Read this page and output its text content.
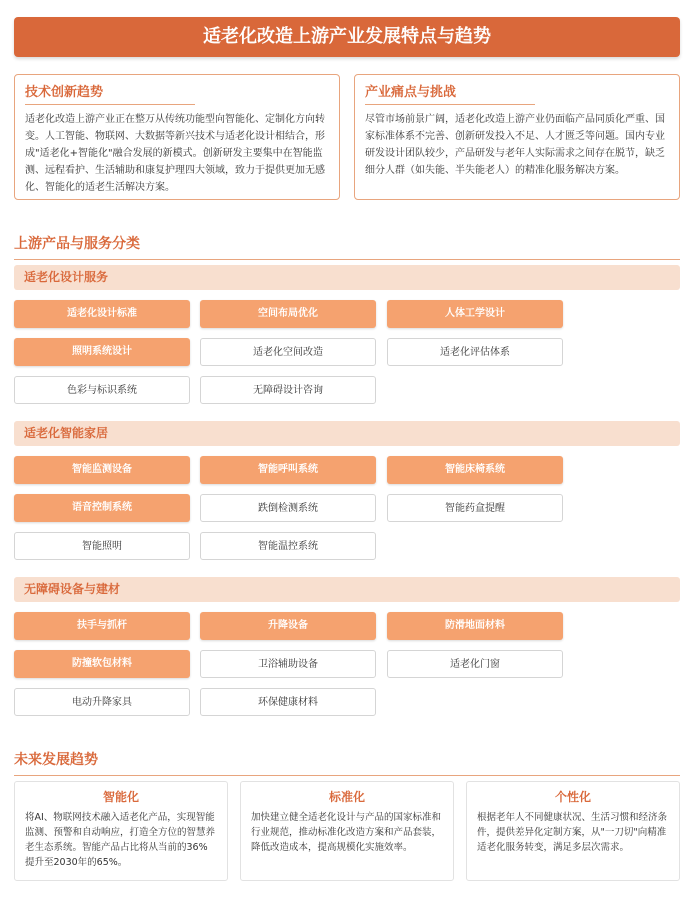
适老化改造上游产业发展特点与趋势
技术创新趋势
适老化改造上游产业正在整万从传统功能型向智能化、定制化方向转变。人工智能、物联网、大数据等新兴技术与适老化设计相结合，形成"适老化+智能化"融合发展的新模式。创新研发主要集中在智能监测、远程看护、生活辅助和康复护理四大领域，致力于提供更加无感化、智能化的适老生活解决方案。
产业痛点与挑战
尽管市场前景广阔，适老化改造上游产业仍面临产品同质化严重、国家标准体系不完善、创新研发投入不足、人才匮乏等问题。国内专业研发设计团队较少，产品研发与老年人实际需求之间存在脱节，缺乏细分人群（如失能、半失能老人）的精准化服务解决方案。
上游产品与服务分类
适老化设计服务
适老化设计标准	空间布局优化	人体工学设计
照明系统设计	适老化空间改造	适老化评估体系
色彩与标识系统	无障碍设计咨询
适老化智能家居
智能监测设备	智能呼叫系统	智能床椅系统
语音控制系统	跌倒检测系统	智能药盒提醒
智能照明	智能温控系统
无障碍设备与建材
扶手与抓杆	升降设备	防滑地面材料
防撞软包材料	卫浴辅助设备	适老化门窗
电动升降家具	环保健康材料
未来发展趋势
智能化
将AI、物联网技术融入适老化产品，实现智能监测、预警和自动响应，打造全方位的智慧养老生态系统。智能产品占比将从当前的36%提升至2030年的65%。
标准化
加快建立健全适老化设计与产品的国家标准和行业规范，推动标准化改造方案和产品套装，降低改造成本，提高规模化实施效率。
个性化
根据老年人不同健康状况、生活习惯和经济条件，提供差异化定制方案，从"一刀切"向精准适老化服务转变，满足多层次需求。
